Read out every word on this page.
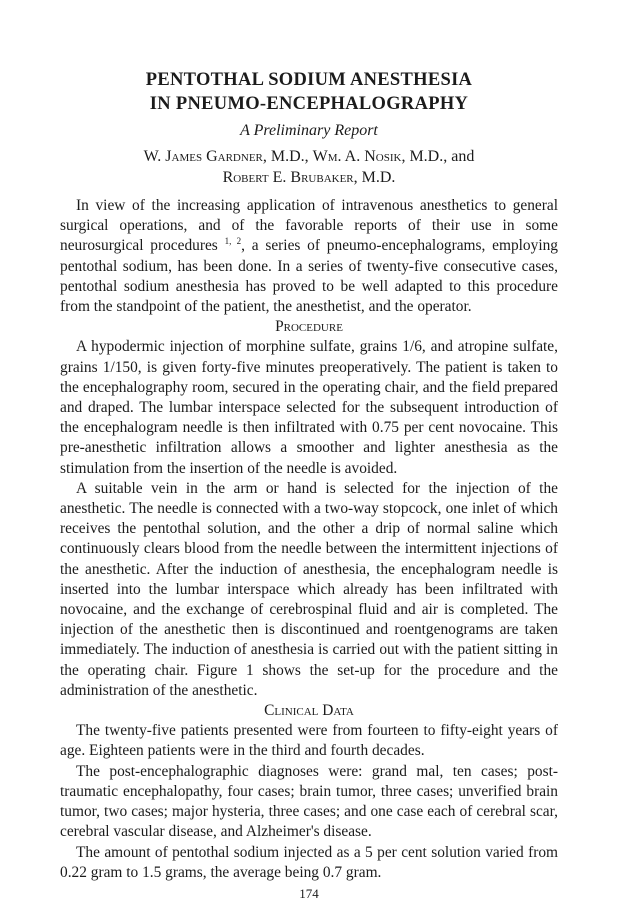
PENTOTHAL SODIUM ANESTHESIA
IN PNEUMO-ENCEPHALOGRAPHY
A Preliminary Report
W. James Gardner, M.D., Wm. A. Nosik, M.D., and
Robert E. Brubaker, M.D.

In view of the increasing application of intravenous anesthetics to general surgical operations, and of the favorable reports of their use in some neurosurgical procedures $^{1, 2}$, a series of pneumo-encephalograms, employing pentothal sodium, has been done. In a series of twenty-five consecutive cases, pentothal sodium anesthesia has proved to be well adapted to this procedure from the standpoint of the patient, the anesthetist, and the operator.

Procedure

A hypodermic injection of morphine sulfate, grains 1/6, and atropine sulfate, grains 1/150, is given forty-five minutes preoperatively. The patient is taken to the encephalography room, secured in the operating chair, and the field prepared and draped. The lumbar interspace selected for the subsequent introduction of the encephalogram needle is then infiltrated with 0.75 per cent novocaine. This pre-anesthetic infiltration allows a smoother and lighter anesthesia as the stimulation from the insertion of the needle is avoided.

A suitable vein in the arm or hand is selected for the injection of the anesthetic. The needle is connected with a two-way stopcock, one inlet of which receives the pentothal solution, and the other a drip of normal saline which continuously clears blood from the needle between the intermittent injections of the anesthetic. After the induction of anesthesia, the encephalogram needle is inserted into the lumbar interspace which already has been infiltrated with novocaine, and the exchange of cerebrospinal fluid and air is completed. The injection of the anesthetic then is discontinued and roentgenograms are taken immediately. The induction of anesthesia is carried out with the patient sitting in the operating chair. Figure 1 shows the set-up for the procedure and the administration of the anesthetic.

Clinical Data

The twenty-five patients presented were from fourteen to fifty-eight years of age. Eighteen patients were in the third and fourth decades.

The post-encephalographic diagnoses were: grand mal, ten cases; post-traumatic encephalopathy, four cases; brain tumor, three cases; unverified brain tumor, two cases; major hysteria, three cases; and one case each of cerebral scar, cerebral vascular disease, and Alzheimer's disease.

The amount of pentothal sodium injected as a 5 per cent solution varied from 0.22 gram to 1.5 grams, the average being 0.7 gram.

174
